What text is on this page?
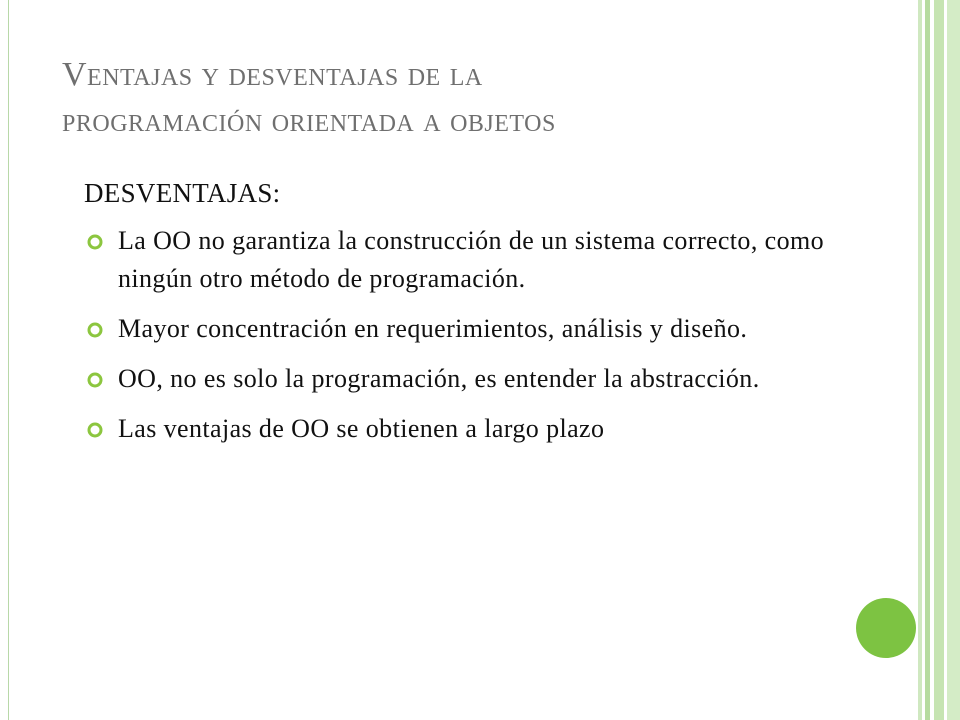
Ventajas y desventajas de la
programación orientada a objetos
DESVENTAJAS:
La OO no garantiza la construcción de un sistema correcto, como ningún otro método de programación.
Mayor concentración en requerimientos, análisis y diseño.
OO, no es solo la programación, es entender la abstracción.
Las ventajas de OO se obtienen a largo plazo
